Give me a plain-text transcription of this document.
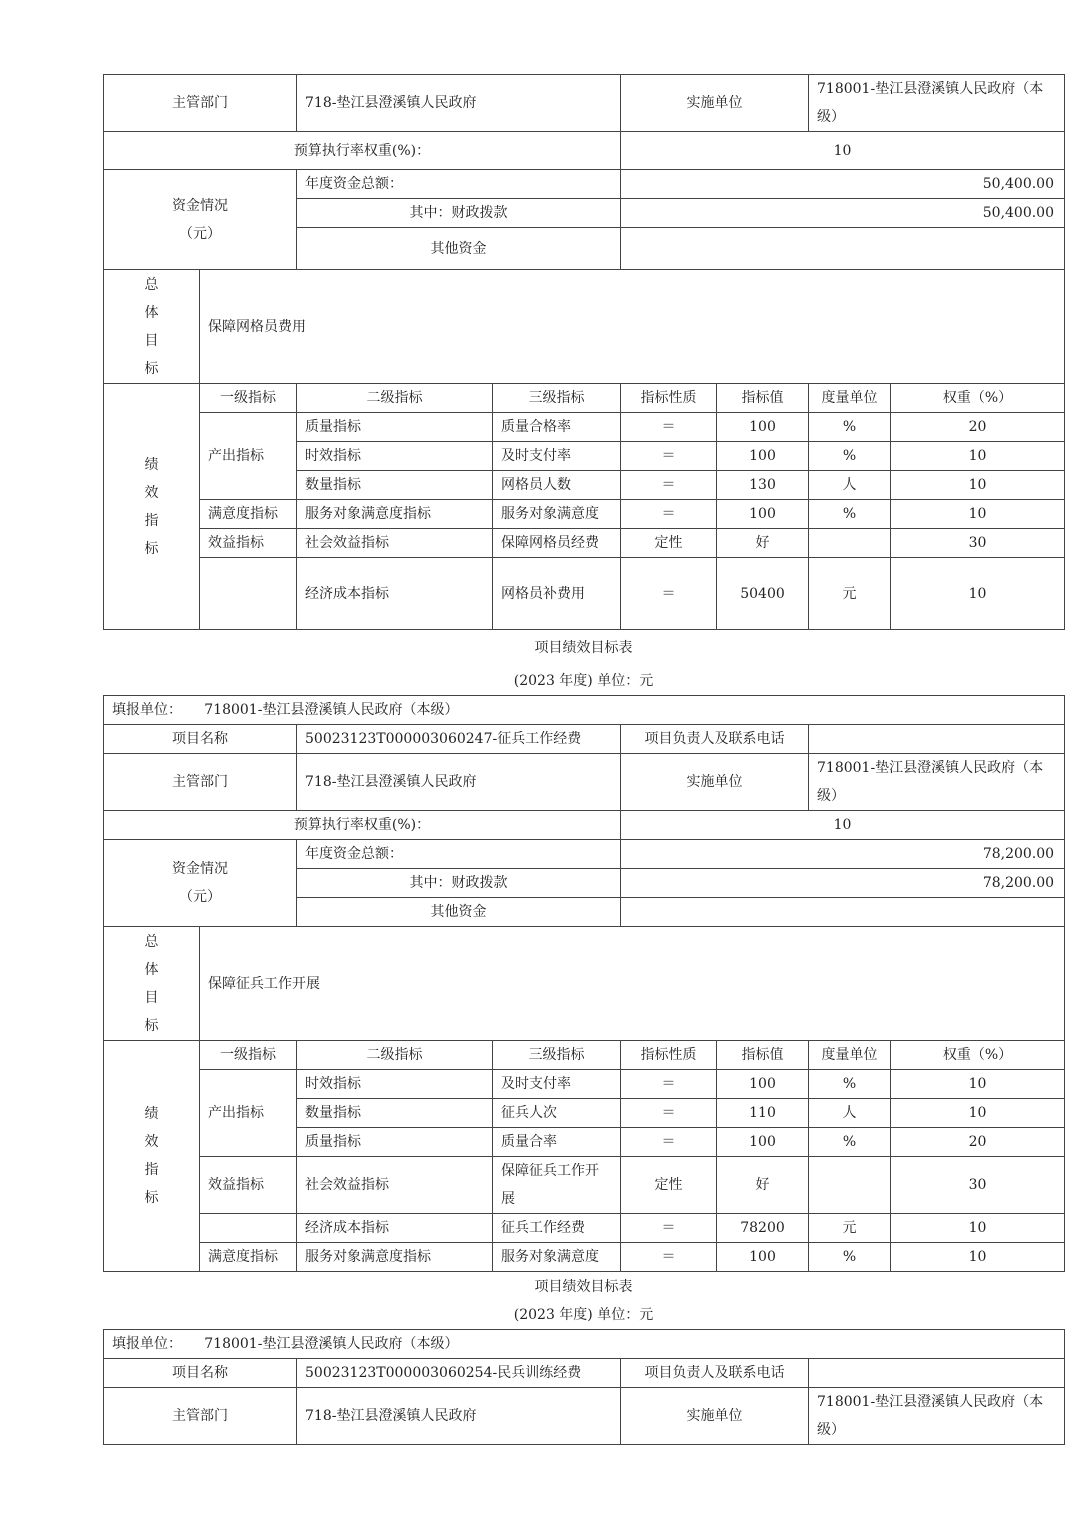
主管部门		718-垫江县澄溪镇人民政府		实施单位		718001-垫江县澄溪镇人民政府（本
级）	
预算执行率权重(%)：				10			
资金情况
（元）		年度资金总额：		50,400.00			
		其中：财政拨款		50,400.00			
		其他资金					

总
体
目
标	保障网格员费用						

绩
效
指
标	一级指标	二级指标	三级指标	指标性质	指标值	度量单位	权重（%）
	产出指标	质量指标	质量合格率	＝	100	%	20
		时效指标	及时支付率	＝	100	%	10
		数量指标	网格员人数	＝	130	人	10
	满意度指标	服务对象满意度指标	服务对象满意度	＝	100	%	10
	效益指标	社会效益指标	保障网格员经费	定性	好		30
		经济成本指标	网格员补费用	＝	50400	元	10
项目绩效目标表
(2023 年度) 单位：元
填报单位： 718001-垫江县澄溪镇人民政府（本级）							
项目名称		50023123T000003060247-征兵工作经费		项目负责人及联系电话			
主管部门		718-垫江县澄溪镇人民政府		实施单位		718001-垫江县澄溪镇人民政府（本
级）	
预算执行率权重(%)：				10			
资金情况
（元）		年度资金总额：		78,200.00			
		其中：财政拨款		78,200.00			
		其他资金					

总
体
目
标	保障征兵工作开展						

绩
效
指
标	一级指标	二级指标	三级指标	指标性质	指标值	度量单位	权重（%）
	产出指标	时效指标	及时支付率	＝	100	%	10
		数量指标	征兵人次	＝	110	人	10
		质量指标	质量合率	＝	100	%	20
	效益指标	社会效益指标	保障征兵工作开展	定性	好		30
		经济成本指标	征兵工作经费	＝	78200	元	10
	满意度指标	服务对象满意度指标	服务对象满意度	＝	100	%	10
项目绩效目标表
(2023 年度) 单位：元
填报单位： 718001-垫江县澄溪镇人民政府（本级）			
项目名称	50023123T000003060254-民兵训练经费	项目负责人及联系电话	
主管部门	718-垫江县澄溪镇人民政府	实施单位	718001-垫江县澄溪镇人民政府（本
级）
